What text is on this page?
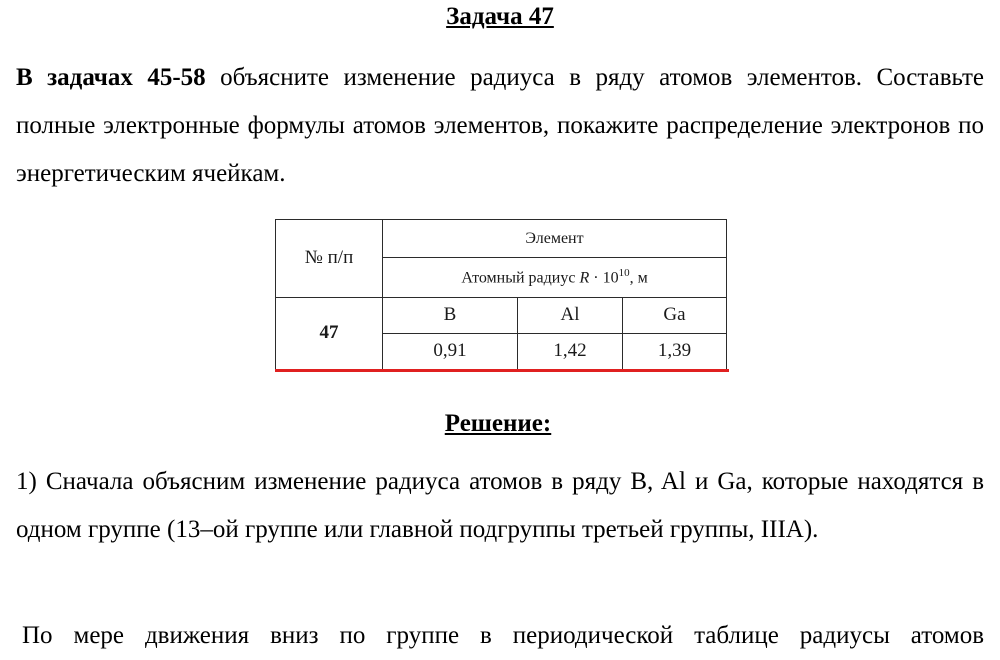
Задача 47
В задачах 45-58 объясните изменение радиуса в ряду атомов элементов. Составьте полные электронные формулы атомов элементов, покажите распределение электронов по энергетическим ячейкам.
№ п/п	Элемент		
	Атомный радиус $R \cdot 10^{10}$, м		
47	B	Al	Ga
	0,91	1,42	1,39
Решение:
1) Сначала объясним изменение радиуса атомов в ряду B, Al и Ga, которые находятся в одном группе (13–ой группе или главной подгруппы третьей группы, IIIA).
По мере движения вниз по группе в периодической таблице радиусы атомов
